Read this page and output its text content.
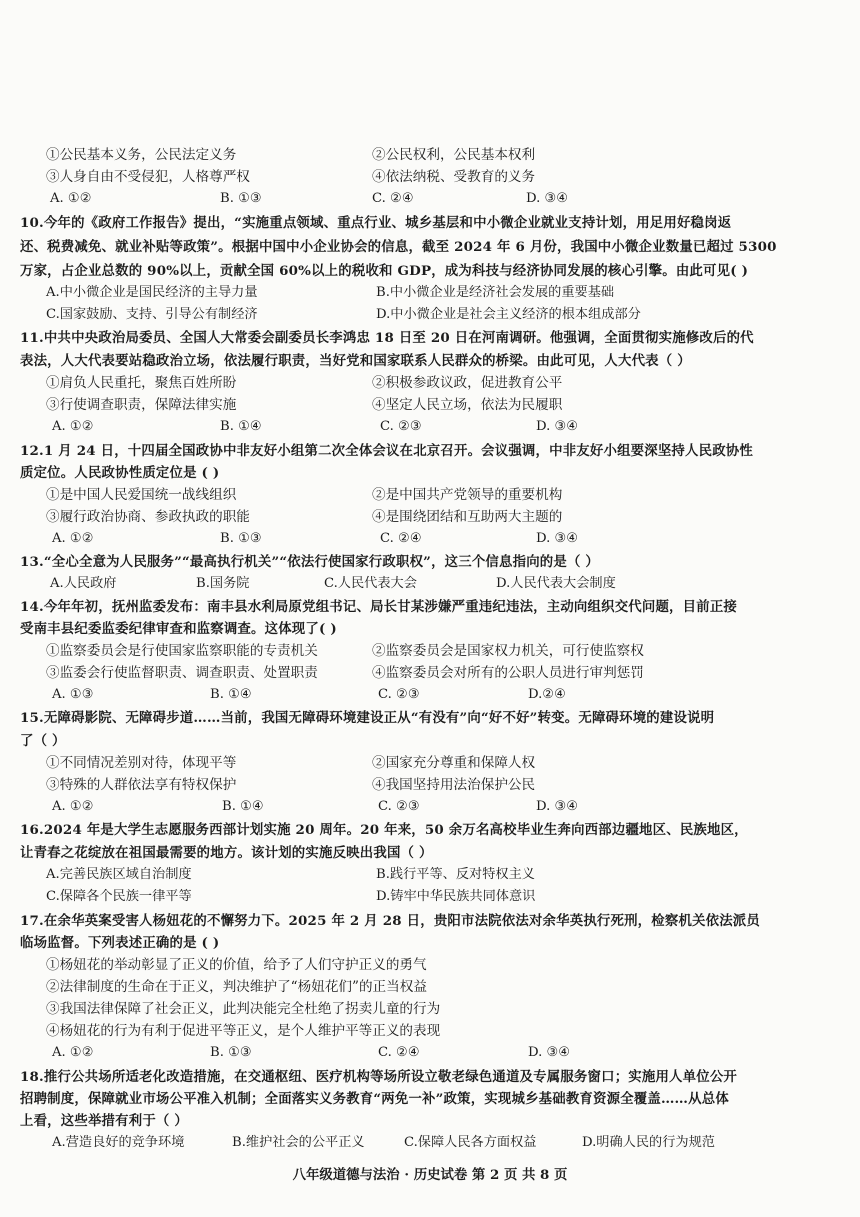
①公民基本义务，公民法定义务	②公民权利，公民基本权利
③人身自由不受侵犯，人格尊严权	④依法纳税、受教育的义务
A. ①②	B. ①③	C. ②④	D. ③④
10.今年的《政府工作报告》提出，“实施重点领域、重点行业、城乡基层和中小微企业就业支持计划，用足用好稳岗返
还、税费减免、就业补贴等政策”。根据中国中小企业协会的信息，截至 2024 年 6 月份，我国中小微企业数量已超过 5300
万家，占企业总数的 90%以上，贡献全国 60%以上的税收和 GDP，成为科技与经济协同发展的核心引擎。由此可见( )
A.中小微企业是国民经济的主导力量	B.中小微企业是经济社会发展的重要基础
C.国家鼓励、支持、引导公有制经济	D.中小微企业是社会主义经济的根本组成部分
11.中共中央政治局委员、全国人大常委会副委员长李鸿忠 18 日至 20 日在河南调研。他强调，全面贯彻实施修改后的代
表法，人大代表要站稳政治立场，依法履行职责，当好党和国家联系人民群众的桥梁。由此可见，人大代表（ ）
①肩负人民重托，聚焦百姓所盼	②积极参政议政，促进教育公平
③行使调查职责，保障法律实施	④坚定人民立场，依法为民履职
A. ①②	B. ①④	C. ②③	D. ③④
12.1 月 24 日，十四届全国政协中非友好小组第二次全体会议在北京召开。会议强调，中非友好小组要深坚持人民政协性
质定位。人民政协性质定位是 ( )
①是中国人民爱国统一战线组织	②是中国共产党领导的重要机构
③履行政治协商、参政执政的职能	④是围绕团结和互助两大主题的
A. ①②	B. ①③	C. ②④	D. ③④
13.“全心全意为人民服务”“最高执行机关”“依法行使国家行政职权”，这三个信息指向的是（ ）
A.人民政府	B.国务院	C.人民代表大会	D.人民代表大会制度
14.今年年初，抚州监委发布：南丰县水利局原党组书记、局长甘某涉嫌严重违纪违法，主动向组织交代问题，目前正接
受南丰县纪委监委纪律审查和监察调查。这体现了( )
①监察委员会是行使国家监察职能的专责机关	②监察委员会是国家权力机关，可行使监察权
③监委会行使监督职责、调查职责、处置职责	④监察委员会对所有的公职人员进行审判惩罚
A. ①③	B. ①④	C. ②③	D.②④
15.无障碍影院、无障碍步道……当前，我国无障碍环境建设正从“有没有”向“好不好”转变。无障碍环境的建设说明
了（ ）
①不同情况差别对待，体现平等	②国家充分尊重和保障人权
③特殊的人群依法享有特权保护	④我国坚持用法治保护公民
A. ①②	B. ①④	C. ②③	D. ③④
16.2024 年是大学生志愿服务西部计划实施 20 周年。20 年来，50 余万名高校毕业生奔向西部边疆地区、民族地区，
让青春之花绽放在祖国最需要的地方。该计划的实施反映出我国（ ）
A.完善民族区域自治制度	B.践行平等、反对特权主义
C.保障各个民族一律平等	D.铸牢中华民族共同体意识
17.在余华英案受害人杨妞花的不懈努力下。2025 年 2 月 28 日，贵阳市法院依法对余华英执行死刑，检察机关依法派员
临场监督。下列表述正确的是 ( )
①杨妞花的举动彰显了正义的价值，给予了人们守护正义的勇气
②法律制度的生命在于正义，判决维护了“杨妞花们”的正当权益
③我国法律保障了社会正义，此判决能完全杜绝了拐卖儿童的行为
④杨妞花的行为有利于促进平等正义，是个人维护平等正义的表现
A. ①②	B. ①③	C. ②④	D. ③④
18.推行公共场所适老化改造措施，在交通枢纽、医疗机构等场所设立敬老绿色通道及专属服务窗口；实施用人单位公开
招聘制度，保障就业市场公平准入机制；全面落实义务教育“两免一补”政策，实现城乡基础教育资源全覆盖……从总体
上看，这些举措有利于（ ）
A.营造良好的竞争环境	B.维护社会的公平正义	C.保障人民各方面权益	D.明确人民的行为规范
八年级道德与法治 · 历史试卷 第 2 页 共 8 页
